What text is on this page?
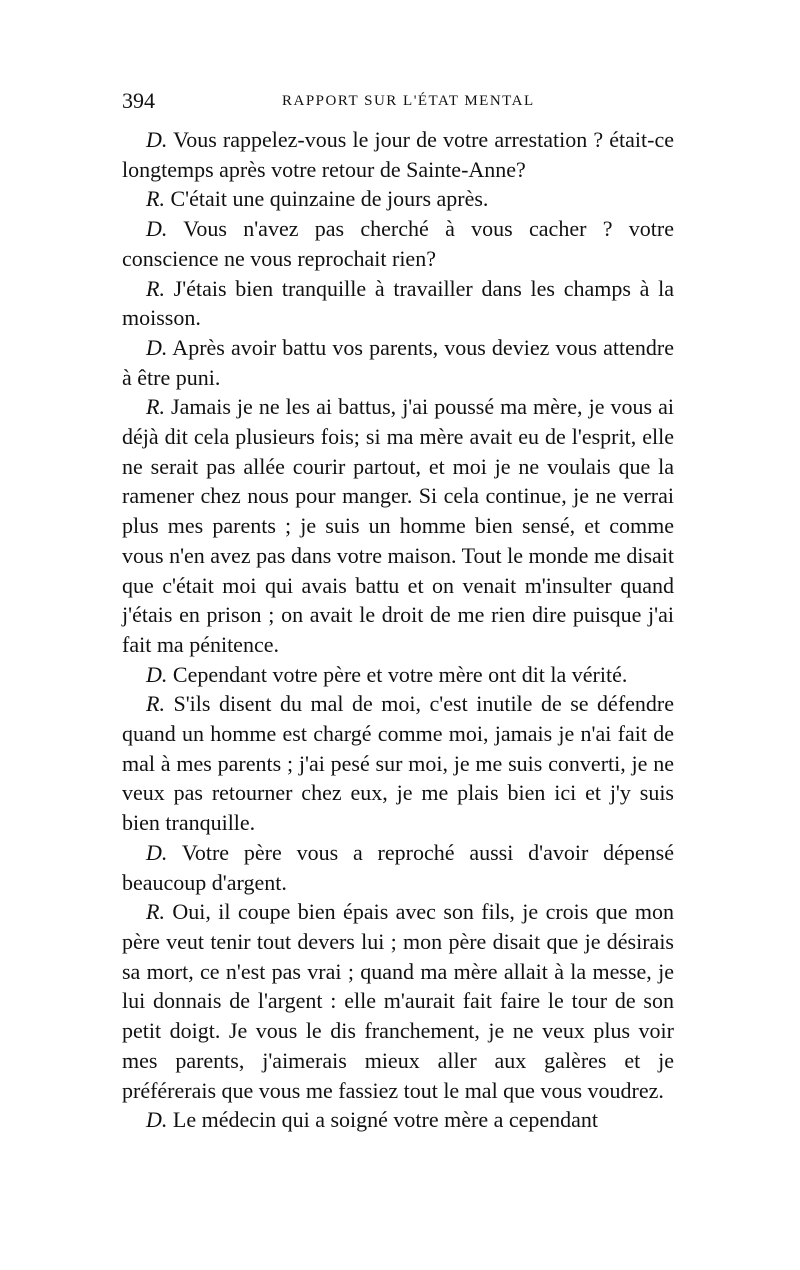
394	RAPPORT SUR L'ÉTAT MENTAL

D. Vous rappelez-vous le jour de votre arrestation ? était-ce longtemps après votre retour de Sainte-Anne?

R. C'était une quinzaine de jours après.

D. Vous n'avez pas cherché à vous cacher ? votre conscience ne vous reprochait rien?

R. J'étais bien tranquille à travailler dans les champs à la moisson.

D. Après avoir battu vos parents, vous deviez vous attendre à être puni.

R. Jamais je ne les ai battus, j'ai poussé ma mère, je vous ai déjà dit cela plusieurs fois; si ma mère avait eu de l'esprit, elle ne serait pas allée courir partout, et moi je ne voulais que la ramener chez nous pour manger. Si cela continue, je ne verrai plus mes parents ; je suis un homme bien sensé, et comme vous n'en avez pas dans votre maison. Tout le monde me disait que c'était moi qui avais battu et on venait m'insulter quand j'étais en prison ; on avait le droit de me rien dire puisque j'ai fait ma pénitence.

D. Cependant votre père et votre mère ont dit la vérité.

R. S'ils disent du mal de moi, c'est inutile de se défendre quand un homme est chargé comme moi, jamais je n'ai fait de mal à mes parents ; j'ai pesé sur moi, je me suis converti, je ne veux pas retourner chez eux, je me plais bien ici et j'y suis bien tranquille.

D. Votre père vous a reproché aussi d'avoir dépensé beaucoup d'argent.

R. Oui, il coupe bien épais avec son fils, je crois que mon père veut tenir tout devers lui ; mon père disait que je désirais sa mort, ce n'est pas vrai ; quand ma mère allait à la messe, je lui donnais de l'argent : elle m'aurait fait faire le tour de son petit doigt. Je vous le dis franchement, je ne veux plus voir mes parents, j'aimerais mieux aller aux galères et je préférerais que vous me fassiez tout le mal que vous voudrez.

D. Le médecin qui a soigné votre mère a cependant
